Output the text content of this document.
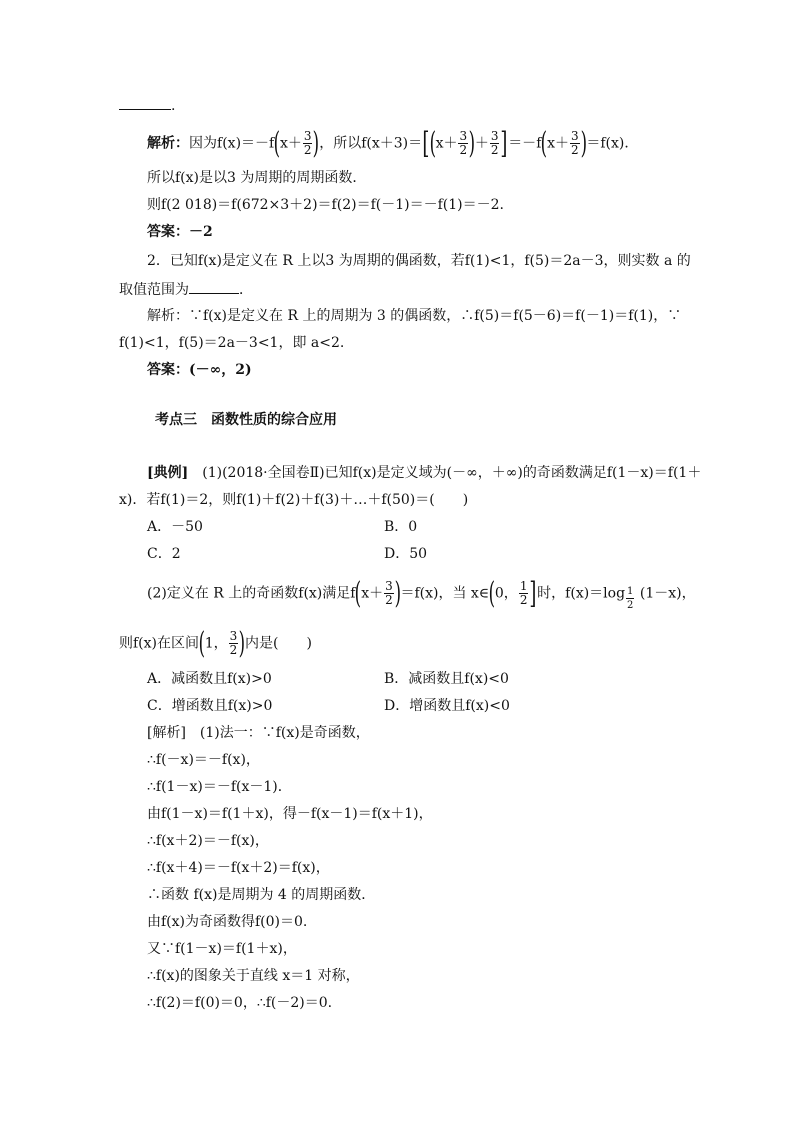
.
解析：因为$f(x)=-f(x+ \frac{3}{2}$ )，所以$f(x+3)=[(x+ \frac{3}{2}$ )＋ $\frac{3}{2} ]=-f(x+ \frac{3}{2} )=f(x)$．
所以f(x)是以3 为周期的周期函数．
则f(2 018)＝f(672×3＋2)＝f(2)＝f(－1)＝－f(1)＝－2.
答案：－2
2．已知f(x)是定义在 R 上以3 为周期的偶函数，若f(1)<1，f(5)＝2a－3，则实数 a 的
取值范围为	．
解析：∵f(x)是定义在 R 上的周期为 3 的偶函数，∴f(5)＝f(5－6)＝f(－1)＝f(1)，∵
f(1)<1，f(5)＝2a－3<1，即 a<2.
答案：(－∞，2)
考点三　函数性质的综合应用
[典例]　 (1)(2018·全国卷Ⅱ)已知f(x)是定义域为(－∞，＋∞)的奇函数满足f(1－x)＝f(1＋
x)．若f(1)＝2，则f(1)＋f(2)＋f(3)＋…＋f(50)＝(　　)
A．－50	B．0
C．2	D．50
(2)定义在 R 上的奇函数f(x)满足$f(x+ \frac{3}{2} )=f(x)$，当 x∈(0， $\frac{1}{2}$ ]时，$f(x)=\log \frac{1}{2} (1-x)$，
则f(x)在区间(1， $\frac{3}{2}$ )内是(　　)
A．减函数且f(x)>0	B．减函数且f(x)<0
C．增函数且f(x)>0	D．增函数且f(x)<0
[解析]　(1)法一：∵f(x)是奇函数，
∴f(－x)＝－f(x)，
∴f(1－x)＝－f(x－1)．
由f(1－x)＝f(1＋x)，得－f(x－1)＝f(x＋1)，
∴f(x＋2)＝－f(x)，
∴f(x＋4)＝－f(x＋2)＝f(x)，
∴函数 f(x)是周期为 4 的周期函数．
由f(x)为奇函数得f(0)＝0.
又∵f(1－x)＝f(1＋x)，
∴f(x)的图象关于直线 x＝1 对称，
∴f(2)＝f(0)＝0，∴f(－2)＝0.
